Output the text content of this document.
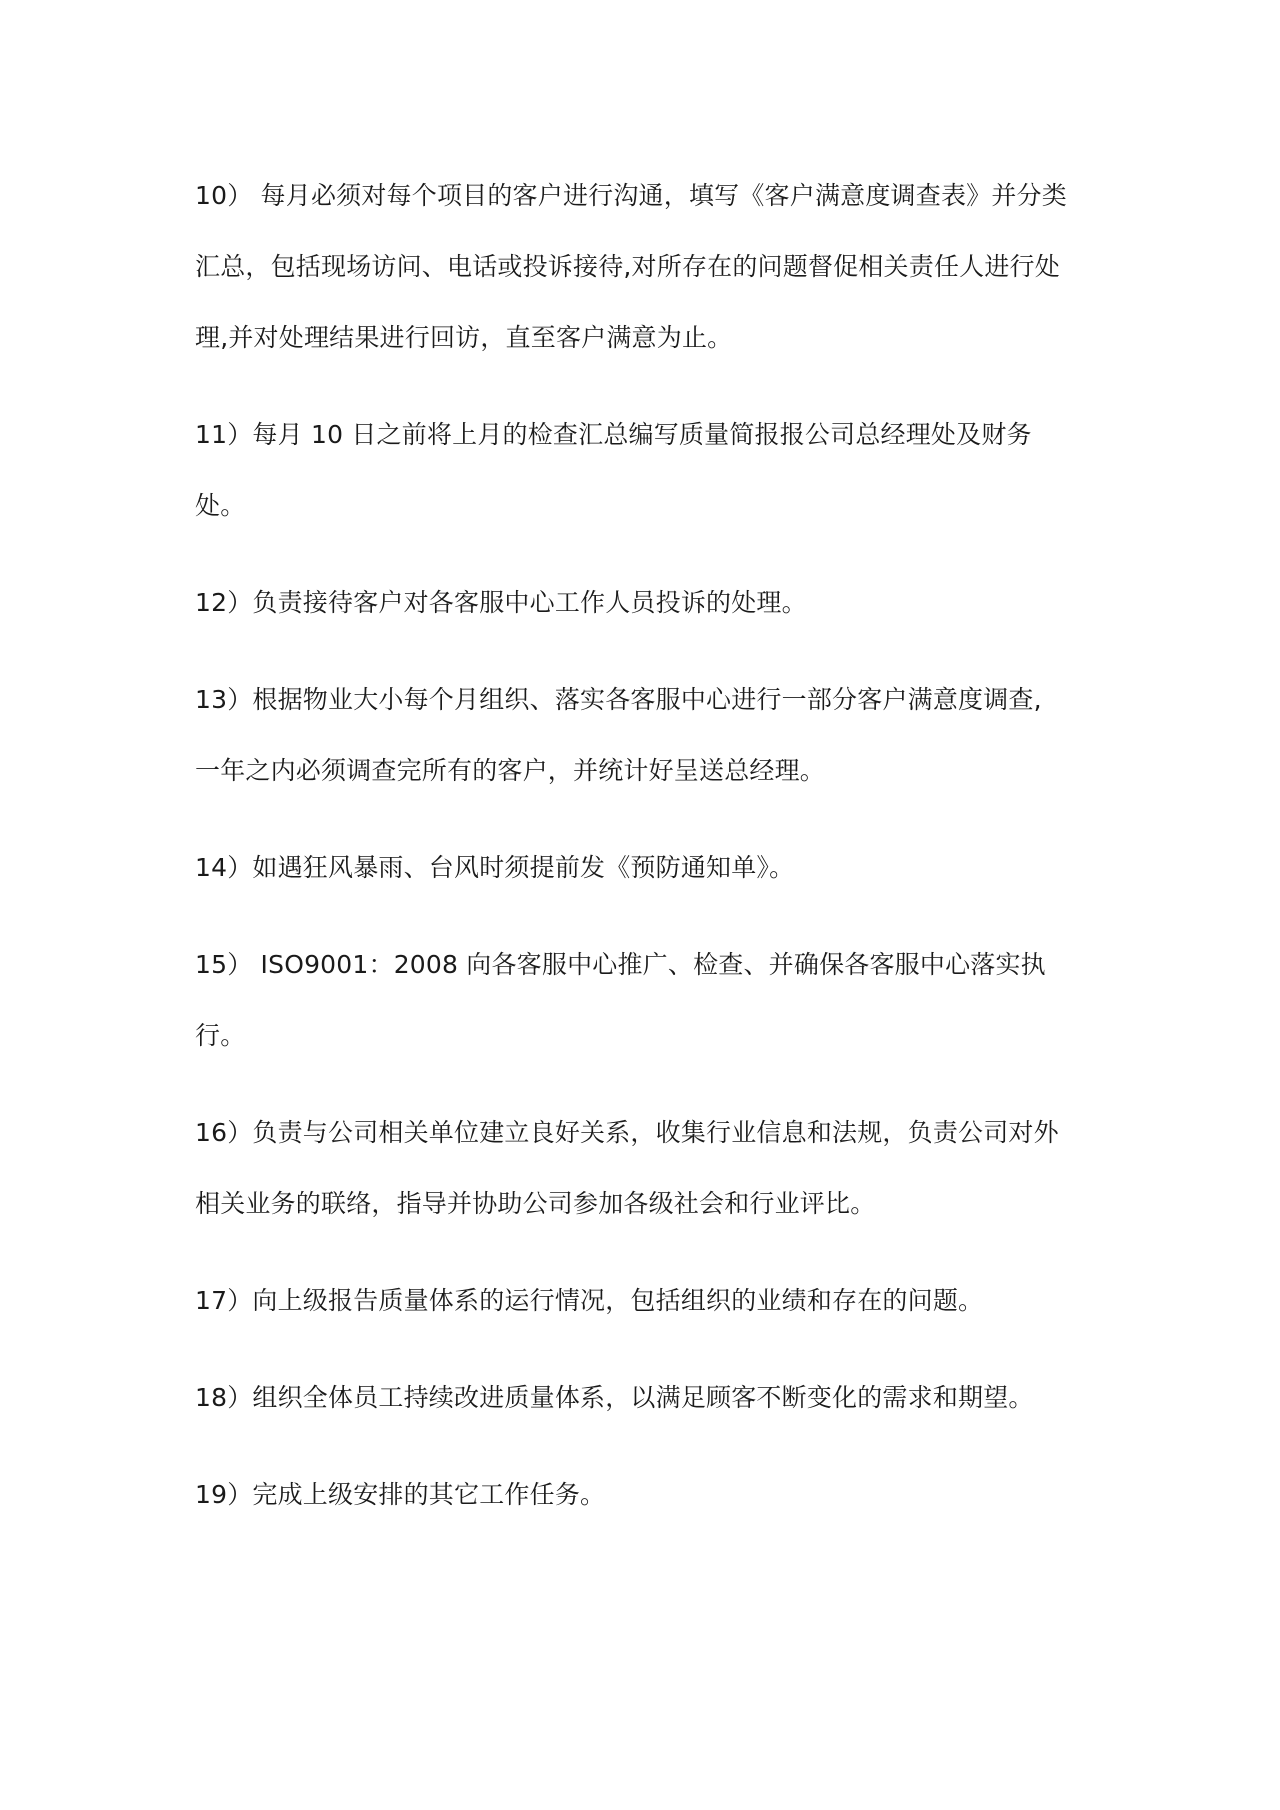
10） 每月必须对每个项目的客户进行沟通，填写《客户满意度调查表》并分类
汇总，包括现场访问、电话或投诉接待,对所存在的问题督促相关责任人进行处
理,并对处理结果进行回访，直至客户满意为止。

11）每月 10 日之前将上月的检查汇总编写质量简报报公司总经理处及财务
处。

12）负责接待客户对各客服中心工作人员投诉的处理。

13）根据物业大小每个月组织、落实各客服中心进行一部分客户满意度调查,
一年之内必须调查完所有的客户，并统计好呈送总经理。

14）如遇狂风暴雨、台风时须提前发《预防通知单》。

15） ISO9001：2008 向各客服中心推广、检查、并确保各客服中心落实执
行。

16）负责与公司相关单位建立良好关系，收集行业信息和法规，负责公司对外
相关业务的联络，指导并协助公司参加各级社会和行业评比。

17）向上级报告质量体系的运行情况，包括组织的业绩和存在的问题。

18）组织全体员工持续改进质量体系，以满足顾客不断变化的需求和期望。

19）完成上级安排的其它工作任务。
